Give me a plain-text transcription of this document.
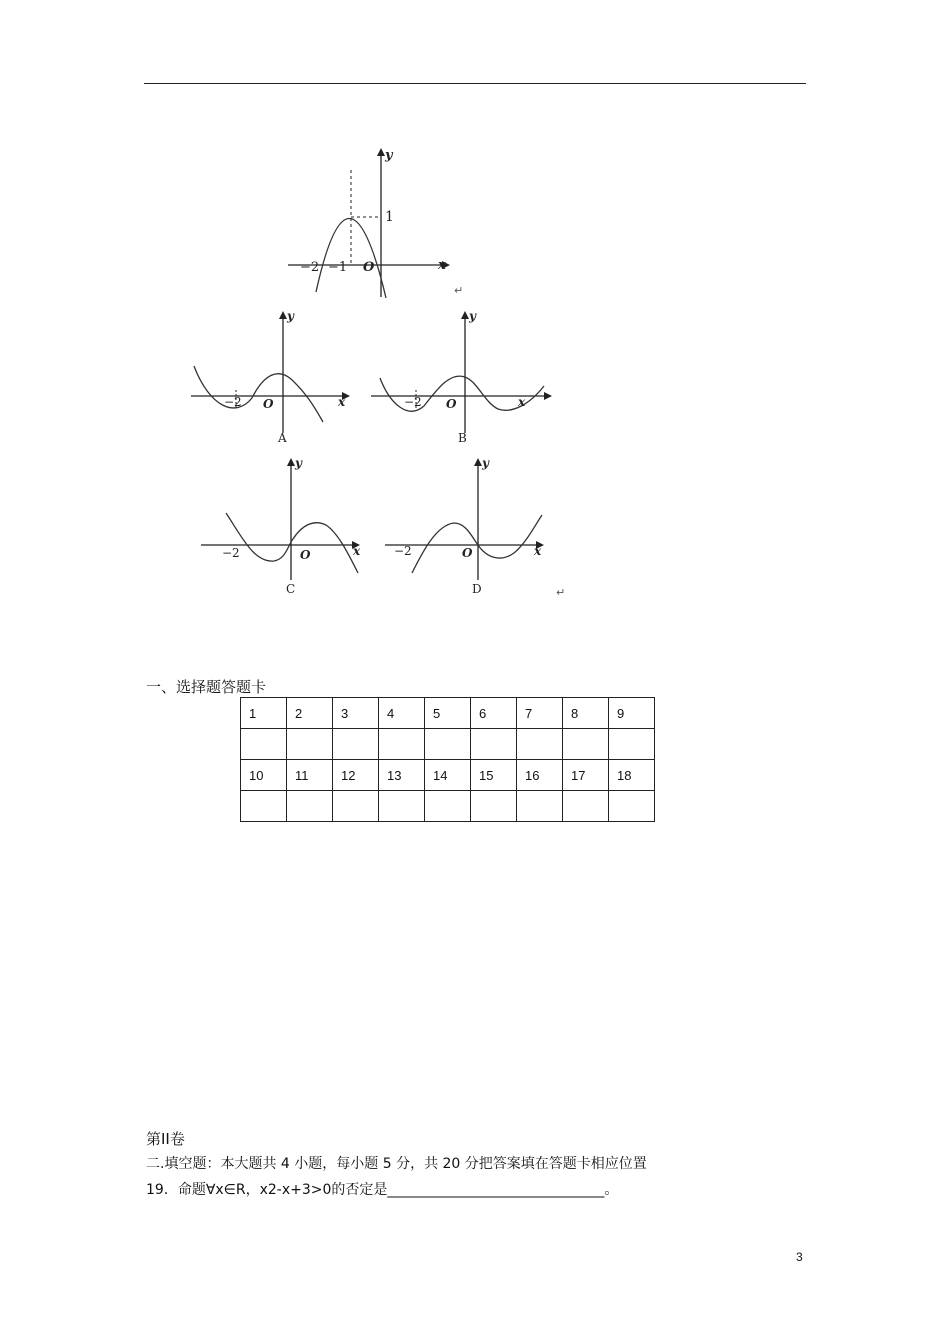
y
x
−2 −1 O
1
↵
y
x
−2 O
A
y
x
−2 O
B
y
x
−2	O
C
y
x
−2	O
D	↵
一、选择题答题卡
1	2	3	4	5	6	7	8	9

10	11	12	13	14	15	16	17	18

第II卷
二.填空题：本大题共 4 小题，每小题 5 分，共 20 分把答案填在答题卡相应位置
19．命题∀x∈R，x2-x+3>0的否定是_______________________________。
3
